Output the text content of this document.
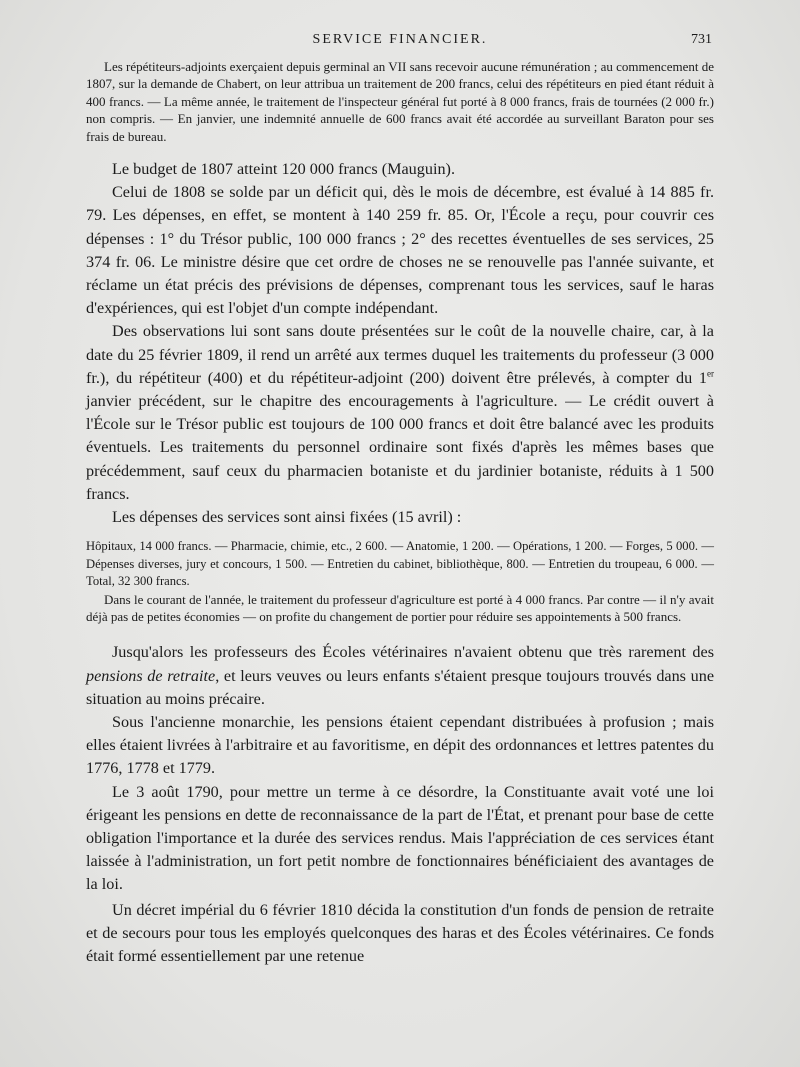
SERVICE FINANCIER.	731

Les répétiteurs-adjoints exerçaient depuis germinal an VII sans recevoir aucune rémunération ; au commencement de 1807, sur la demande de Chabert, on leur attribua un traitement de 200 francs, celui des répétiteurs en pied étant réduit à 400 francs. — La même année, le traitement de l'inspecteur général fut porté à 8 000 francs, frais de tournées (2 000 fr.) non compris. — En janvier, une indemnité annuelle de 600 francs avait été accordée au surveillant Baraton pour ses frais de bureau.

Le budget de 1807 atteint 120 000 francs (Mauguin).

Celui de 1808 se solde par un déficit qui, dès le mois de décembre, est évalué à 14 885 fr. 79. Les dépenses, en effet, se montent à 140 259 fr. 85. Or, l'École a reçu, pour couvrir ces dépenses : 1° du Trésor public, 100 000 francs ; 2° des recettes éventuelles de ses services, 25 374 fr. 06. Le ministre désire que cet ordre de choses ne se renouvelle pas l'année suivante, et réclame un état précis des prévisions de dépenses, comprenant tous les services, sauf le haras d'expériences, qui est l'objet d'un compte indépendant.

Des observations lui sont sans doute présentées sur le coût de la nouvelle chaire, car, à la date du 25 février 1809, il rend un arrêté aux termes duquel les traitements du professeur (3 000 fr.), du répétiteur (400) et du répétiteur-adjoint (200) doivent être prélevés, à compter du 1er janvier précédent, sur le chapitre des encouragements à l'agriculture. — Le crédit ouvert à l'École sur le Trésor public est toujours de 100 000 francs et doit être balancé avec les produits éventuels. Les traitements du personnel ordinaire sont fixés d'après les mêmes bases que précédemment, sauf ceux du pharmacien botaniste et du jardinier botaniste, réduits à 1 500 francs.

Les dépenses des services sont ainsi fixées (15 avril) :

Hôpitaux, 14 000 francs. — Pharmacie, chimie, etc., 2 600. — Anatomie, 1 200. — Opérations, 1 200. — Forges, 5 000. — Dépenses diverses, jury et concours, 1 500. — Entretien du cabinet, bibliothèque, 800. — Entretien du troupeau, 6 000. — Total, 32 300 francs.

Dans le courant de l'année, le traitement du professeur d'agriculture est porté à 4 000 francs. Par contre — il n'y avait déjà pas de petites économies — on profite du changement de portier pour réduire ses appointements à 500 francs.

Jusqu'alors les professeurs des Écoles vétérinaires n'avaient obtenu que très rarement des pensions de retraite, et leurs veuves ou leurs enfants s'étaient presque toujours trouvés dans une situation au moins précaire.

Sous l'ancienne monarchie, les pensions étaient cependant distribuées à profusion ; mais elles étaient livrées à l'arbitraire et au favoritisme, en dépit des ordonnances et lettres patentes du 1776, 1778 et 1779.

Le 3 août 1790, pour mettre un terme à ce désordre, la Constituante avait voté une loi érigeant les pensions en dette de reconnaissance de la part de l'État, et prenant pour base de cette obligation l'importance et la durée des services rendus. Mais l'appréciation de ces services étant laissée à l'administration, un fort petit nombre de fonctionnaires bénéficiaient des avantages de la loi.

Un décret impérial du 6 février 1810 décida la constitution d'un fonds de pension de retraite et de secours pour tous les employés quelconques des haras et des Écoles vétérinaires. Ce fonds était formé essentiellement par une retenue
